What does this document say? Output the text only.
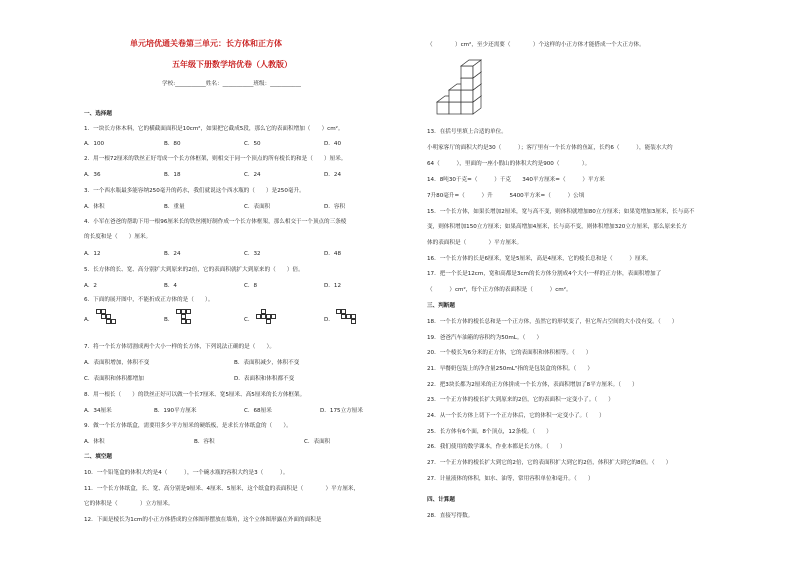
单元培优通关卷第三单元：长方体和正方体
五年级下册数学培优卷（人教版）
学校:___________姓名：___________班级：___________
一、选择题
1．一块长方体木料，它的横截面面积是10cm²，如果把它截成5段，那么它的表面积增加（　　）cm²。
A．100	B．80	C．50	D．40
2．用一根72厘米的铁丝正好弯成一个长方体框架，则相交于同一个顶点的所有棱长的和是（　　）厘米。
A．36	B．18	C．24	D．24
3．一个西水瓶最多能容纳250毫升的药水，我们就说这个西水瓶的（　　）是250毫升。
A．体积	B．重量	C．表面积	D．容积
4．小军在爸爸的帮助下用一根96厘米长的铁丝刚好制作成一个长方体框架，那么相交于一个顶点的三条棱
的长度和是（　　）厘米。
A．12	B．24	C．32	D．48
5．长方体的长、宽、高分别扩大到原来的2倍，它的表面积就扩大到原来的（　　）倍。
A．2	B．4	C．8	D．12
6．下面的展开图中，不能折成正方体的是（　　）。
A．	B．	C．	D．
7．将一个长方体切割成两个大小一样的长方体，下列说法正确的是（　　）。
A．表面积增加，体积不变	B．表面积减少，体积不变
C．表面积和体积都增加	D．表面积和体积都不变
8．用一根长（　　）的铁丝正好可以做一个长7厘米、宽5厘米、高5厘米的长方体框架。
A．34厘米	B．190平方厘米	C．68厘米	D．175立方厘米
9．做一个长方体纸盒，需要用多少平方厘米的硬纸板，是求长方体纸盒的（　　）。
A．体积	B．容积	C．表面积
二、填空题
10．一个铅笔盒的体积大约是4（　　　），一个碗水瓶的容积大约是3（　　　）。
11．一个长方体纸盒，长、宽、高分别是9厘米、4厘米、5厘米，这个纸盒的表面积是（　　　　）平方厘米，
它的体积是（　　　　）立方厘米。
12．下面是棱长为1cm的小正方体搭成的立体图形摆放在墙角，这个立体图形露在外面的面积是
（　　　　）cm²，至少还需要（　　　　）个这样的小正方体才能搭成一个大正方体。
13．在括号里填上合适的单位。
小明家客厅的面积大约是30（　　　）；客厅里有一个长方体的鱼缸，长约6（　　　），能装水大约
64（　　　），里面的一座小假山的体积大约是900（　　　　）。
14．8吨30千克=（　　　）千克　　340平方厘米=（　　　）平方米
7升80毫升=（　　　）升　　　5400平方米=（　　　）公顷
15．一个长方体，如果长增加2厘米，宽与高不变，则体积就增加80立方厘米；如果宽增加3厘米，长与高不
变，则体积增加150立方厘米；如果高增加4厘米，长与高不变，则体积增加320立方厘米，那么原来长方
体的表面积是（　　　　）平方厘米。
16．一个长方体的长是6厘米，宽是5厘米，高是4厘米，它的棱长总和是（　　　）厘米。
17．把一个长是12cm，宽和高都是3cm的长方体分割成4个大小一样的正方体，表面积增加了
（　　　）cm²，每个正方体的表面积是（　　　）cm²。
三、判断题
18．一个长方体的棱长总和是一个正方体，虽然它的形状变了，但它所占空间的大小没有变。（　　）
19．爸爸汽车油箱的容积约为50mL。（　　）
20．一个棱长为6分米的正方体，它的表面积和体积相等。（　　）
21．早餐奶包装上的净含量250mL"指的是包装盒的体积。（　　）
22．把3块长都为2厘米的正方体拼成一个长方体，表面积增加了8平方厘米。（　　）
23．一个正方体的棱长扩大到原来的2倍，它的表面积一定变小了。（　　）
24．从一个长方体上切下一个正方体后，它的体积一定变小了。（　　）
25．长方体有6个面，8个顶点，12条棱。（　　）
26．我们使用的数学课本，作业本都是长方体。（　　）
27．一个正方体的棱长扩大到它的2倍，它的表面积扩大到它的2倍，体积扩大到它的8倍。（　　）
27．计量液体的体积，如水、油等，常用容积单位和毫升。（　　）
四、计算题
28．直接写得数。
